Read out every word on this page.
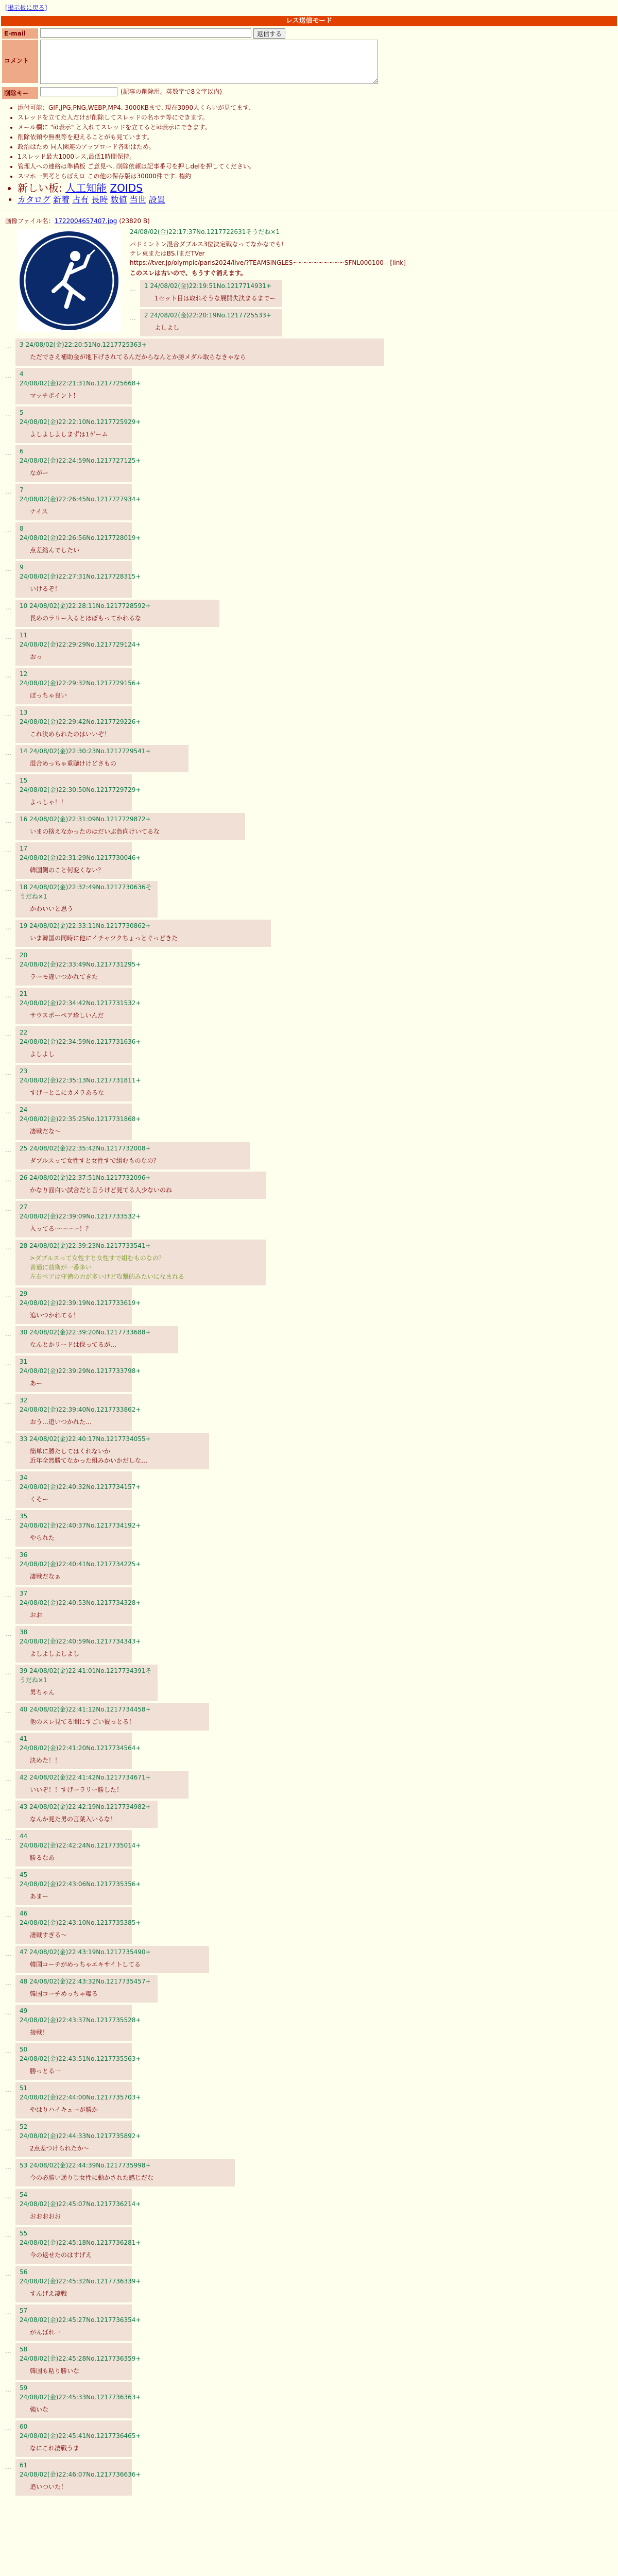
[掲示板に戻る]
レス送信モード
E-mail	返信する
コメント
削除キー	(記事の削除用。英数字で8文字以内)
• 添付可能：GIF,JPG,PNG,WEBP,MP4. 3000KBまで. 現在3090人くらいが見てます.
• スレッドを立てた人だけが削除してスレッドの名ホテ等にできます。
• メール欄に "id表示" と入れてスレッドを立てるとid表示にできます。
• 削除依頼や無視等を迎えることがも見ています。
• 政治はため 同人関連のアップロード各断はため。
• 1スレッド最大1000レス,最低1時間保持。
• 管理人への連絡は準備板 ご意見へ. 削除依頼は記事番号を押しdelを押してください。
• スマホ一興考とらばえロ この他の保存版は30000件です. 権約
• 新しい板: 人工知能 ZOIDS
• カタログ 新着 占有 長時 数値 当世 設置
画像ファイル名：1722004657407.jpg (23820 B)
24/08/02(金)22:17:37No.1217722631そうだね×1
パドミントン混合ダブルス3位決定戦なってなかなでも!
テレ東またはBS.lまだTVer
https://tver.jp/olympic/paris2024/live/?TEAMSINGLES~~~~~~~~~~SFNL000100-- [link]
このスレは古いので、もうすぐ消えます。
…	1 24/08/02(金)22:19:51No.1217714931+
1セット目は取れそうな展開失決まるまでー
…	2 24/08/02(金)22:20:19No.1217725533+
よしよし
…	3 24/08/02(金)22:20:51No.1217725363+
ただでさえ補助金が地下げされてるんだからなんとか勝メダル取らなきゃなら
…	4 24/08/02(金)22:21:31No.1217725668+
マッチポイント！
…	5 24/08/02(金)22:22:10No.1217725929+
よしよしよしまずは1ゲーム
…	6 24/08/02(金)22:24:59No.1217727125+
ながー
…	7 24/08/02(金)22:26:45No.1217727934+
ナイス
…	8 24/08/02(金)22:26:56No.1217728019+
点差縮んでしたい
…	9 24/08/02(金)22:27:31No.1217728315+
いけるぞ！
…	10 24/08/02(金)22:28:11No.1217728592+
長めのラリー入るとほぼもってかれるな
…	11 24/08/02(金)22:29:29No.1217729124+
おっ
…	12 24/08/02(金)22:29:32No.1217729156+
ぽっちゃ良い
…	13 24/08/02(金)22:29:42No.1217729226+
これ決められたのはいいぞ！
…	14 24/08/02(金)22:30:23No.1217729541+
混合めっちゃ重聴けけどさもの
…	15 24/08/02(金)22:30:50No.1217729729+
よっしゃ！！
…	16 24/08/02(金)22:31:09No.1217729872+
いまの捨えなかったのはだいぶ負向けいてるな
…	17 24/08/02(金)22:31:29No.1217730046+
韓国側のこと何変くない？
…	18 24/08/02(金)22:32:49No.1217730636そうだね×1
かわいいと思う
…	19 24/08/02(金)22:33:11No.1217730862+
いま韓国の同時に他にイチャツクちょっとぐっどきた
…	20 24/08/02(金)22:33:49No.1217731295+
ラーモ違いつかれてきた
…	21 24/08/02(金)22:34:42No.1217731532+
サウスポーペア珍しいんだ
…	22 24/08/02(金)22:34:59No.1217731636+
よしよし
…	23 24/08/02(金)22:35:13No.1217731811+
すげーとこにカメラあるな
…	24 24/08/02(金)22:35:25No.1217731868+
凄戦だな～
…	25 24/08/02(金)22:35:42No.1217732008+
ダブルスって女性すと女性すで組むものなの？
…	26 24/08/02(金)22:37:51No.1217732096+
かなり面白い試合だと言うけど見てる人少ないのね
…	27 24/08/02(金)22:39:09No.1217733532+
入ってるーーーー！？
…	28 24/08/02(金)22:39:23No.1217733541+
>ダブルスって女性すと女性すで組むものなの？
普通に前衛が一番多い
左右ペアは守備の力が多いけど攻撃的みたいになまれる
…	29 24/08/02(金)22:39:19No.1217733619+
追いつかれてる！
…	30 24/08/02(金)22:39:20No.1217733688+
なんとかリードは保ってるが…
…	31 24/08/02(金)22:39:29No.1217733798+
あー
…	32 24/08/02(金)22:39:40No.1217733862+
おう…追いつかれた…
…	33 24/08/02(金)22:40:17No.1217734055+
簡単に勝たしてはくれないか
近年全然勝てなかった組みかいかだしな…
…	34 24/08/02(金)22:40:32No.1217734157+
くそー
…	35 24/08/02(金)22:40:37No.1217734192+
やられた
…	36 24/08/02(金)22:40:41No.1217734225+
凄戦だなぁ
…	37 24/08/02(金)22:40:53No.1217734328+
おお
…	38 24/08/02(金)22:40:59No.1217734343+
よしよしよしよし
…	39 24/08/02(金)22:41:01No.1217734391そうだね×1
男ちゃん
…	40 24/08/02(金)22:41:12No.1217734458+
他のスレ見てる間にすごい彼っとる！
…	41 24/08/02(金)22:41:20No.1217734564+
決めた！！
…	42 24/08/02(金)22:41:42No.1217734671+
いいぞ！！すげーラリー勝した！
…	43 24/08/02(金)22:42:19No.1217734982+
なんか見た男の言葉入いるな！
…	44 24/08/02(金)22:42:24No.1217735014+
勝るなあ
…	45 24/08/02(金)22:43:06No.1217735356+
あまー
…	46 24/08/02(金)22:43:10No.1217735385+
凄戦すぎる～
…	47 24/08/02(金)22:43:19No.1217735490+
韓国コーチがめっちゃエキサイトしてる
…	48 24/08/02(金)22:43:32No.1217735457+
韓国コーチめっちゃ曝る
…	49 24/08/02(金)22:43:37No.1217735528+
接戦！
…	50 24/08/02(金)22:43:51No.1217735563+
勝っとる一
…	51 24/08/02(金)22:44:00No.1217735703+
やはりハイキューが勝か
…	52 24/08/02(金)22:44:33No.1217735892+
2点差つけられたか～
…	53 24/08/02(金)22:44:39No.1217735998+
今の必勝い通りじ女性に動かされた感じだな
…	54 24/08/02(金)22:45:07No.1217736214+
おおおおお
…	55 24/08/02(金)22:45:18No.1217736281+
今の返せたのはすげえ
…	56 24/08/02(金)22:45:32No.1217736339+
すんげえ凄戦
…	57 24/08/02(金)22:45:27No.1217736354+
がんばれ一
…	58 24/08/02(金)22:45:28No.1217736359+
韓国も粘り勝いな
…	59 24/08/02(金)22:45:33No.1217736363+
強いな
…	60 24/08/02(金)22:45:41No.1217736465+
なにこれ凄戦うま
…	61 24/08/02(金)22:46:07No.1217736636+
追いついた！
